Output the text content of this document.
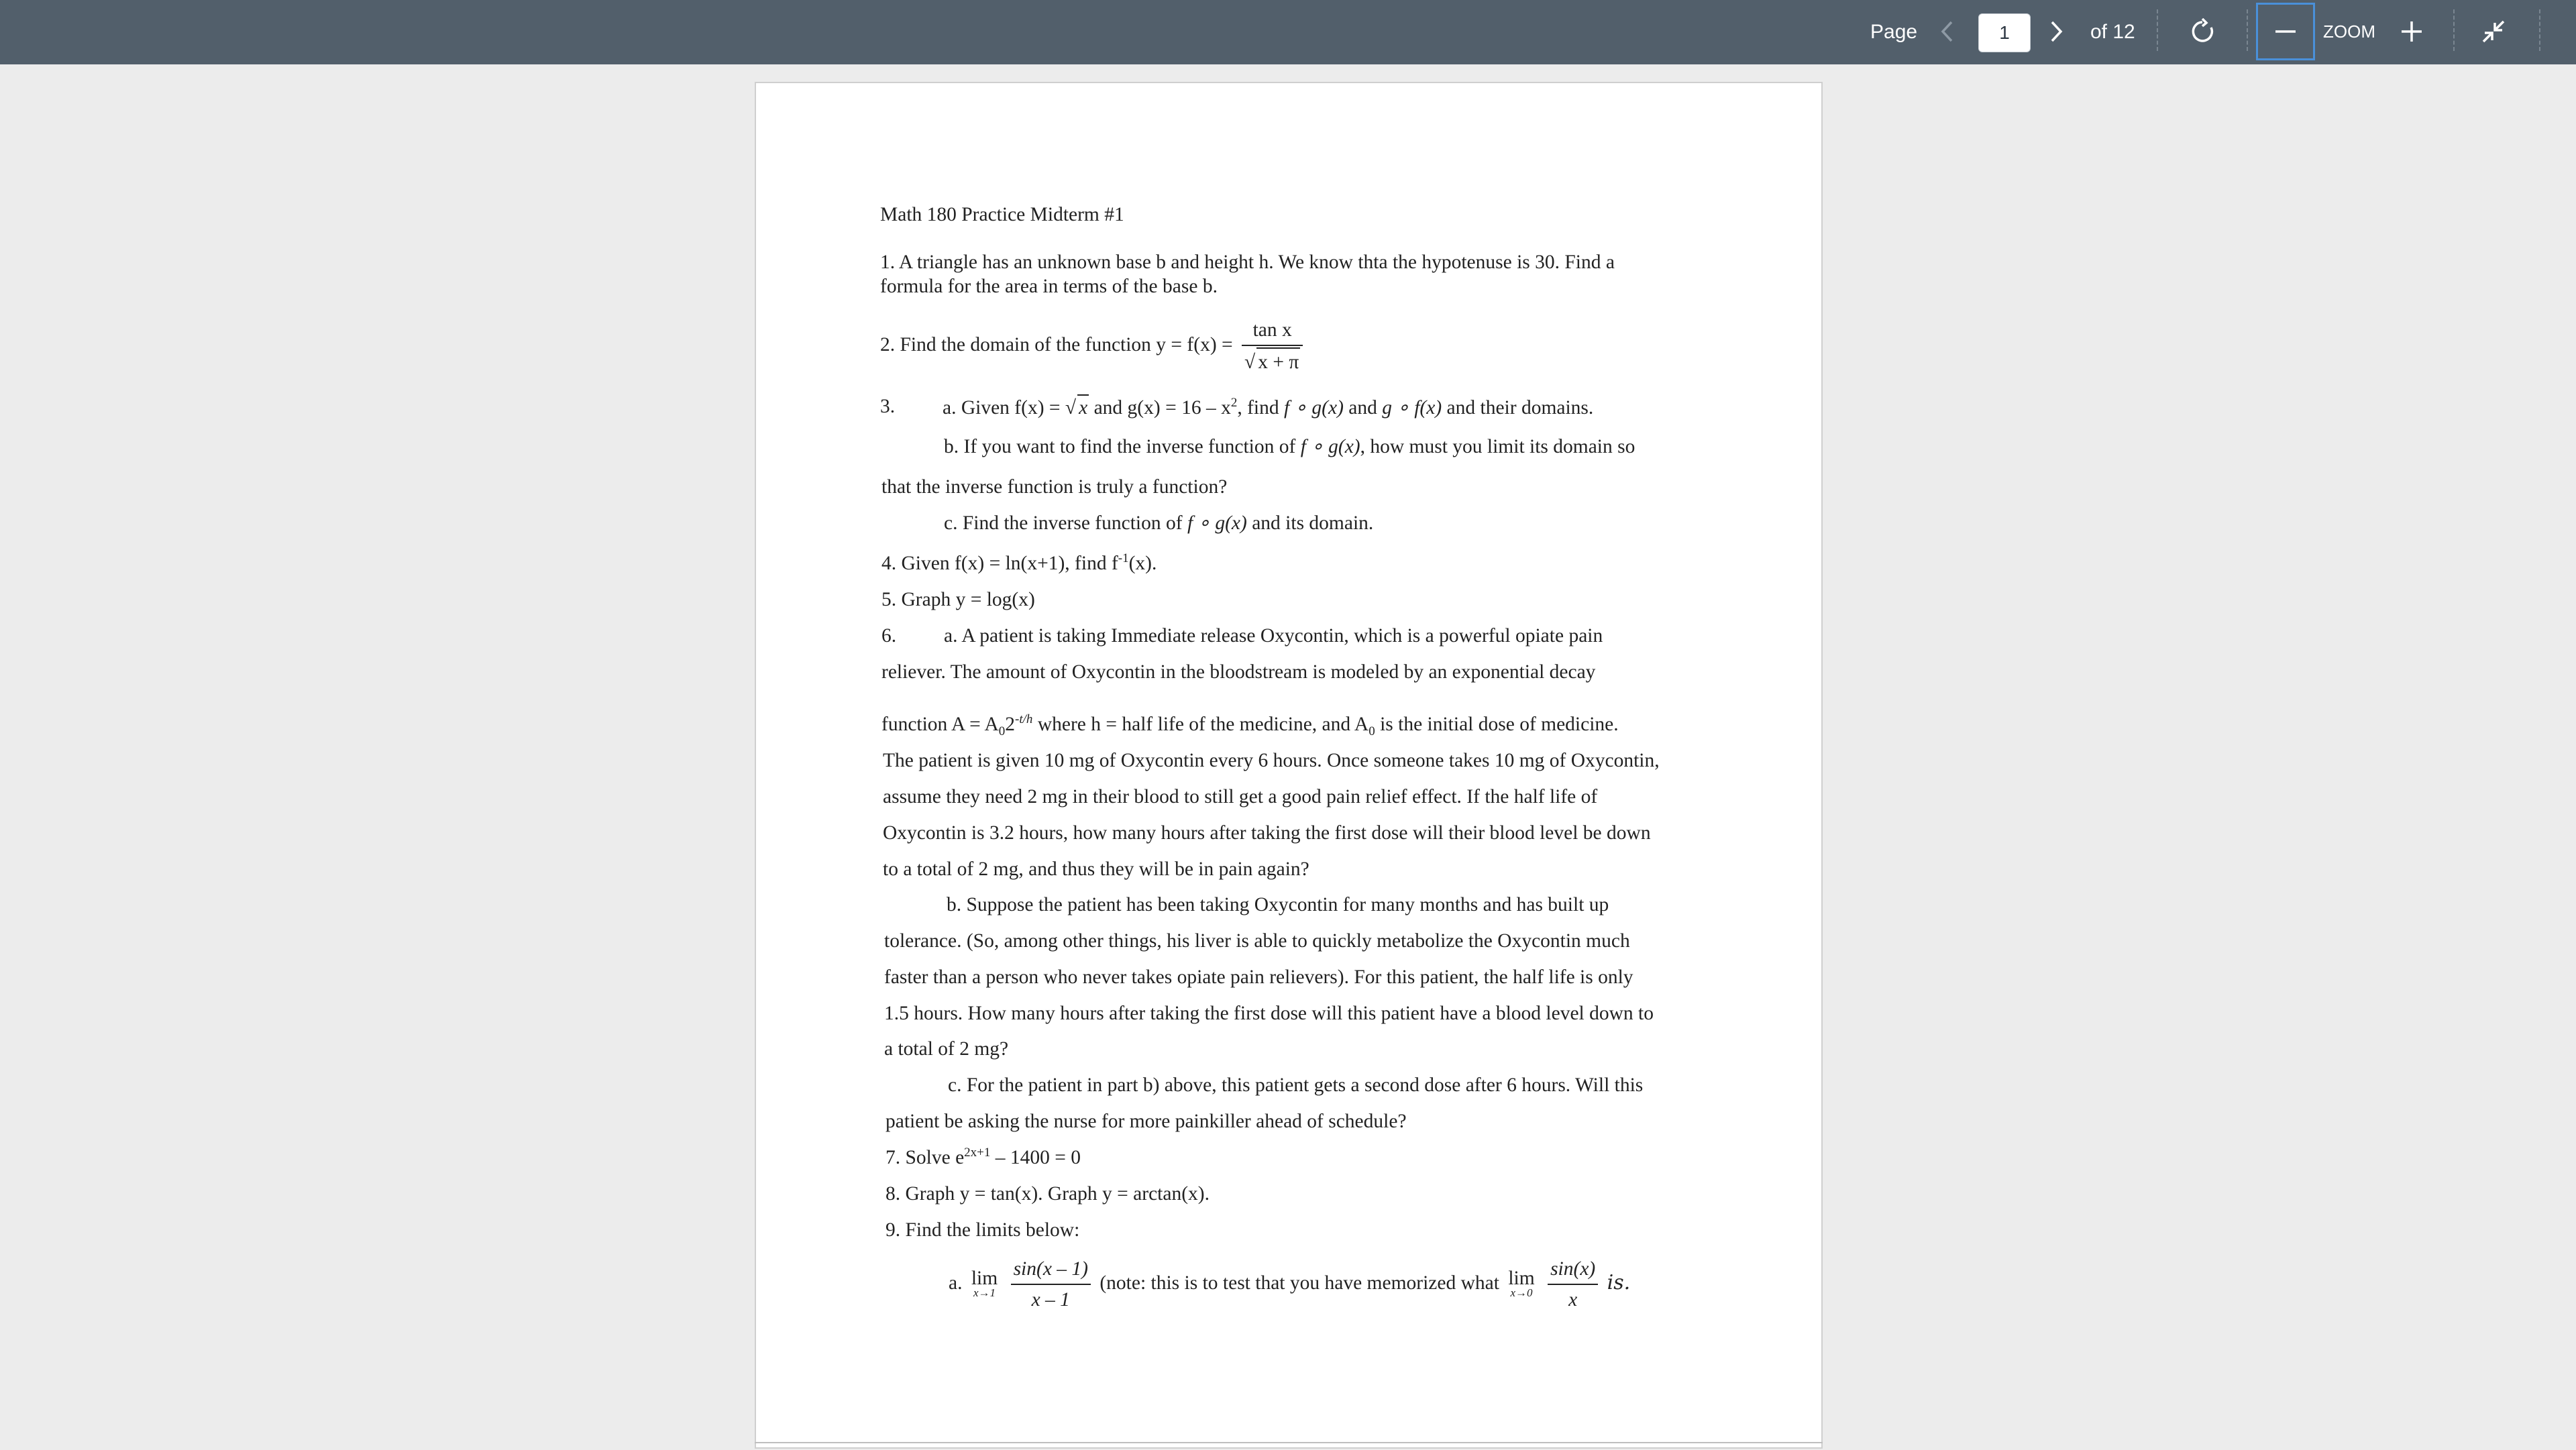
Page
1	of 12	ZOOM
Math 180 Practice Midterm #1
1. A triangle has an unknown base b and height h. We know thta the hypotenuse is 30. Find a
formula for the area in terms of the base b.
2. Find the domain of the function $y = f(x) = \frac{\text{tan x}}{√ x + \pi}$
3. a. Given f(x) = √ x and $g(x) = 16 - x^2$, find f ∘ g(x) and g ∘ f(x) and their domains.
b. If you want to find the inverse function of f ∘ g(x), how must you limit its domain so
that the inverse function is truly a function?
c. Find the inverse function of f ∘ g(x) and its domain.
4. Given f(x) = ln(x+1), find $f^{-1}(x)$.
5. Graph y = log(x)
6. a. A patient is taking Immediate release Oxycontin, which is a powerful opiate pain
reliever. The amount of Oxycontin in the bloodstream is modeled by an exponential decay
function $A = A_02^{-t/h}$ where h = half life of the medicine, and $A_0$ is the initial dose of medicine.
The patient is given 10 mg of Oxycontin every 6 hours. Once someone takes 10 mg of Oxycontin,
assume they need 2 mg in their blood to still get a good pain relief effect. If the half life of
Oxycontin is 3.2 hours, how many hours after taking the first dose will their blood level be down
to a total of 2 mg, and thus they will be in pain again?
b. Suppose the patient has been taking Oxycontin for many months and has built up
tolerance. (So, among other things, his liver is able to quickly metabolize the Oxycontin much
faster than a person who never takes opiate pain relievers). For this patient, the half life is only
1.5 hours. How many hours after taking the first dose will this patient have a blood level down to
a total of 2 mg?
c. For the patient in part b) above, this patient gets a second dose after 6 hours. Will this
patient be asking the nurse for more painkiller ahead of schedule?
7. Solve $e^{2x+1} - 1400 = 0$
8. Graph y = tan(x). Graph y = arctan(x).
9. Find the limits below:
a. lim
x→1
$\frac{\sin(x - 1)}{x - 1}$ (note: this is to test that you have memorized what lim
x→0
$\frac{\sin(x)}{x}$ is.
